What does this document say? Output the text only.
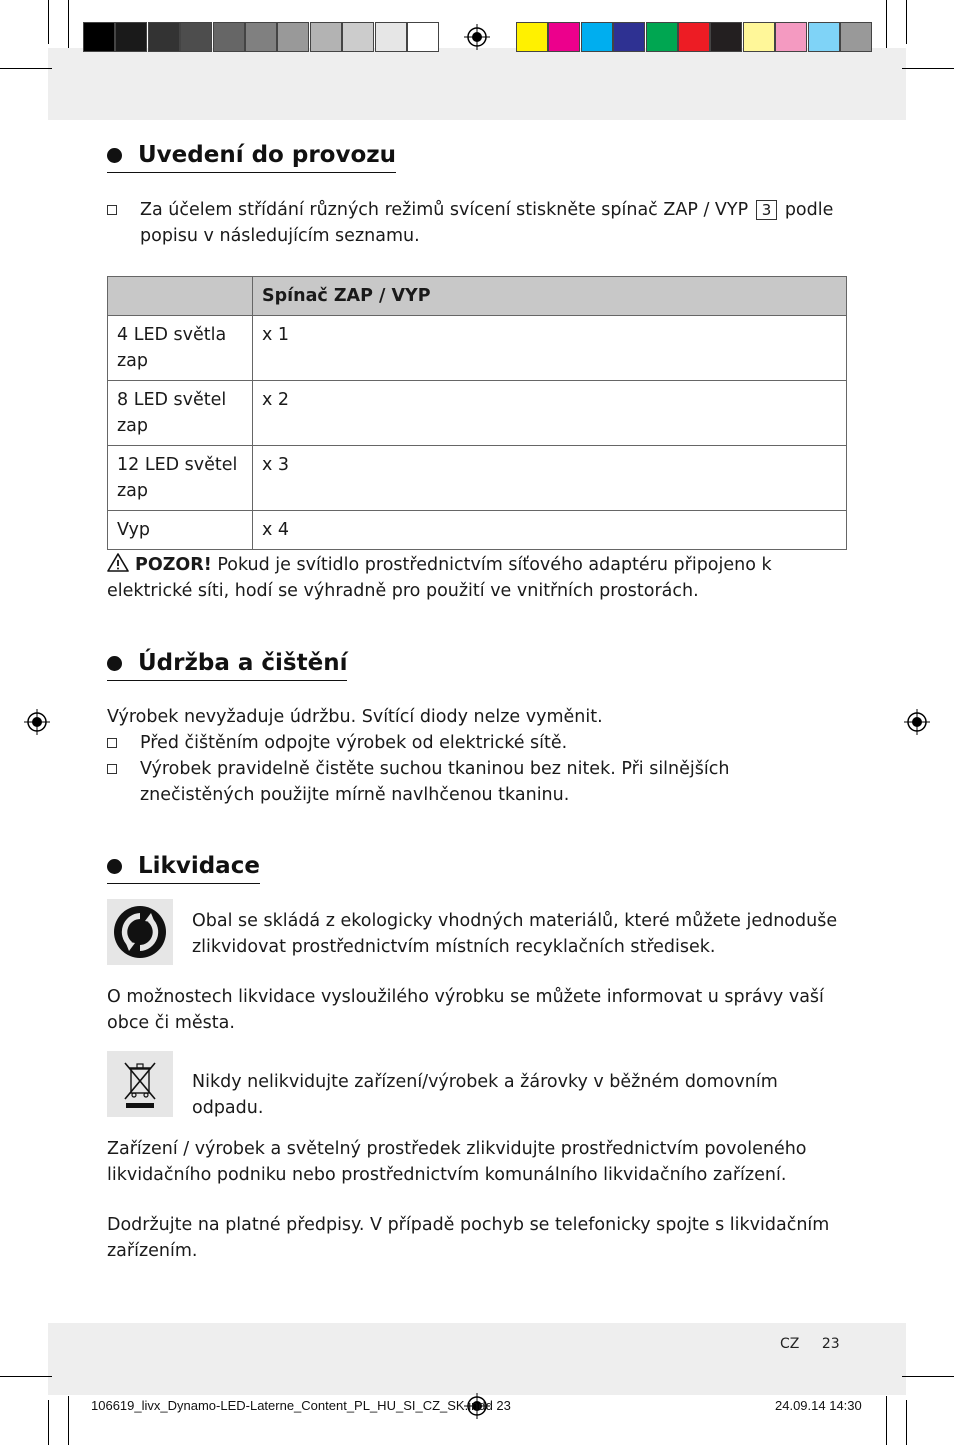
Uvedení do provozu
Za účelem střídání různých režimů svícení stiskněte spínač ZAP / VYP 3 podle popisu v následujícím seznamu.
	Spínač ZAP / VYP
4 LED světla zap	x 1
8 LED světel zap	x 2
12 LED světel zap	x 3
Vyp	x 4
POZOR! Pokud je svítidlo prostřednictvím síťového adaptéru připojeno k elektrické síti, hodí se výhradně pro použití ve vnitřních prostorách.
Údržba a čištění
Výrobek nevyžaduje údržbu. Svítící diody nelze vyměnit.
Před čištěním odpojte výrobek od elektrické sítě.
Výrobek pravidelně čistěte suchou tkaninou bez nitek. Při silnějších znečistěných použijte mírně navlhčenou tkaninu.
Likvidace
Obal se skládá z ekologicky vhodných materiálů, které můžete jednoduše zlikvidovat prostřednictvím místních recyklačních středisek.
O možnostech likvidace vysloužilého výrobku se můžete informovat u správy vaší obce či města.
Nikdy nelikvidujte zařízení/výrobek a žárovky v běžném domovním odpadu.
Zařízení / výrobek a světelný prostředek zlikvidujte prostřednictvím povoleného likvidačního podniku nebo prostřednictvím komunálního likvidačního zařízení.
Dodržujte na platné předpisy. V případě pochyb se telefonicky spojte s likvidačním zařízením.
CZ 23
106619_livx_Dynamo-LED-Laterne_Content_PL_HU_SI_CZ_SK.indd 23	24.09.14 14:30
